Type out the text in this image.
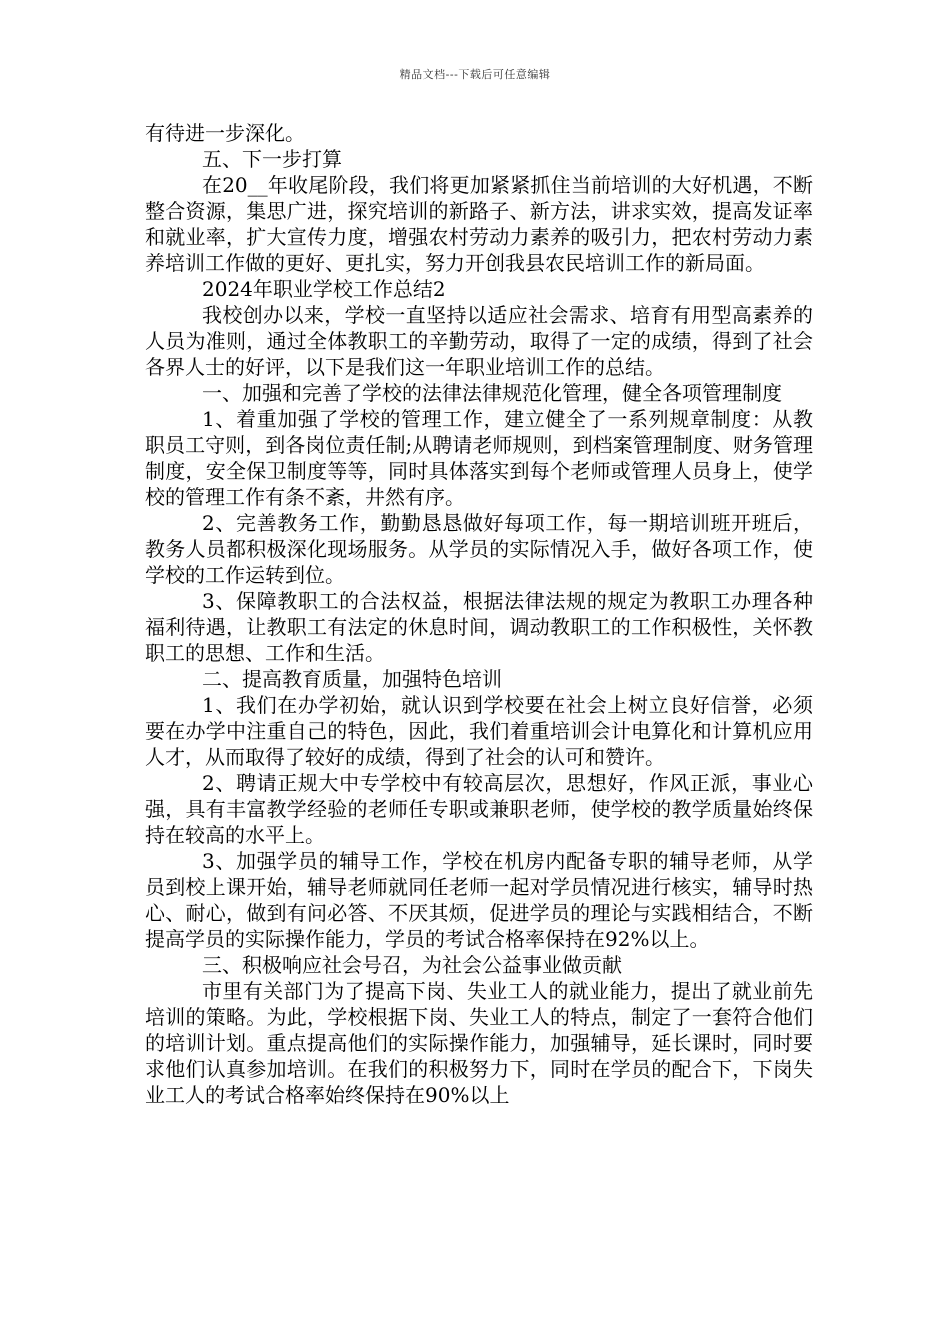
精品文档---下载后可任意编辑

有待进一步深化。

五、下一步打算

在20__年收尾阶段，我们将更加紧紧抓住当前培训的大好机遇，不断整合资源，集思广进，探究培训的新路子、新方法，讲求实效，提高发证率和就业率，扩大宣传力度，增强农村劳动力素养的吸引力，把农村劳动力素养培训工作做的更好、更扎实，努力开创我县农民培训工作的新局面。

2024年职业学校工作总结2

我校创办以来，学校一直坚持以适应社会需求、培育有用型高素养的人员为准则，通过全体教职工的辛勤劳动，取得了一定的成绩，得到了社会各界人士的好评，以下是我们这一年职业培训工作的总结。

一、加强和完善了学校的法律法律规范化管理，健全各项管理制度

1、着重加强了学校的管理工作，建立健全了一系列规章制度：从教职员工守则，到各岗位责任制;从聘请老师规则，到档案管理制度、财务管理制度，安全保卫制度等等，同时具体落实到每个老师或管理人员身上，使学校的管理工作有条不紊，井然有序。

2、完善教务工作，勤勤恳恳做好每项工作，每一期培训班开班后，教务人员都积极深化现场服务。从学员的实际情况入手，做好各项工作，使学校的工作运转到位。

3、保障教职工的合法权益，根据法律法规的规定为教职工办理各种福利待遇，让教职工有法定的休息时间，调动教职工的工作积极性，关怀教职工的思想、工作和生活。

二、提高教育质量，加强特色培训

1、我们在办学初始，就认识到学校要在社会上树立良好信誉，必须要在办学中注重自己的特色，因此，我们着重培训会计电算化和计算机应用人才，从而取得了较好的成绩，得到了社会的认可和赞许。

2、聘请正规大中专学校中有较高层次，思想好，作风正派，事业心强，具有丰富教学经验的老师任专职或兼职老师，使学校的教学质量始终保持在较高的水平上。

3、加强学员的辅导工作，学校在机房内配备专职的辅导老师，从学员到校上课开始，辅导老师就同任老师一起对学员情况进行核实，辅导时热心、耐心，做到有问必答、不厌其烦，促进学员的理论与实践相结合，不断提高学员的实际操作能力，学员的考试合格率保持在92%以上。

三、积极响应社会号召，为社会公益事业做贡献

市里有关部门为了提高下岗、失业工人的就业能力，提出了就业前先培训的策略。为此，学校根据下岗、失业工人的特点，制定了一套符合他们的培训计划。重点提高他们的实际操作能力，加强辅导，延长课时，同时要求他们认真参加培训。在我们的积极努力下，同时在学员的配合下，下岗失业工人的考试合格率始终保持在90%以上
